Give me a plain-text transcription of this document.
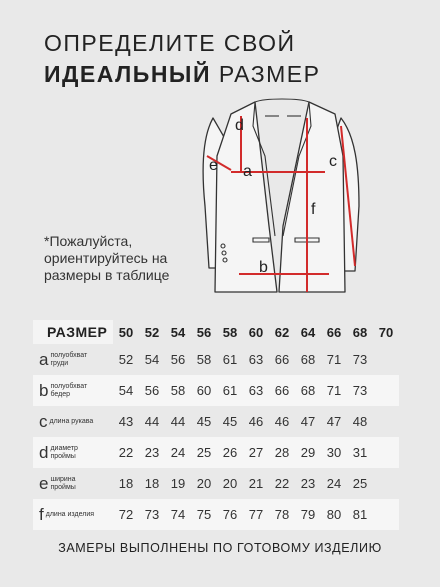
ОПРЕДЕЛИТЕ СВОЙ
ИДЕАЛЬНЫЙ РАЗМЕР
*Пожалуйста, ориентируйтесь на размеры в таблице
d
a
b
c
e
f
РАЗМЕР	50	52	54	56	58	60	62	64	66	68	70
a полуобхват груди	52	54	56	58	61	63	66	68	71	73	
b полуобхват бедер	54	56	58	60	61	63	66	68	71	73	
c длина рукава	43	44	44	45	45	46	46	47	47	48	
d диаметр проймы	22	23	24	25	26	27	28	29	30	31	
e ширина проймы	18	18	19	20	20	21	22	23	24	25	
f длина изделия	72	73	74	75	76	77	78	79	80	81	
ЗАМЕРЫ ВЫПОЛНЕНЫ ПО ГОТОВОМУ ИЗДЕЛИЮ
